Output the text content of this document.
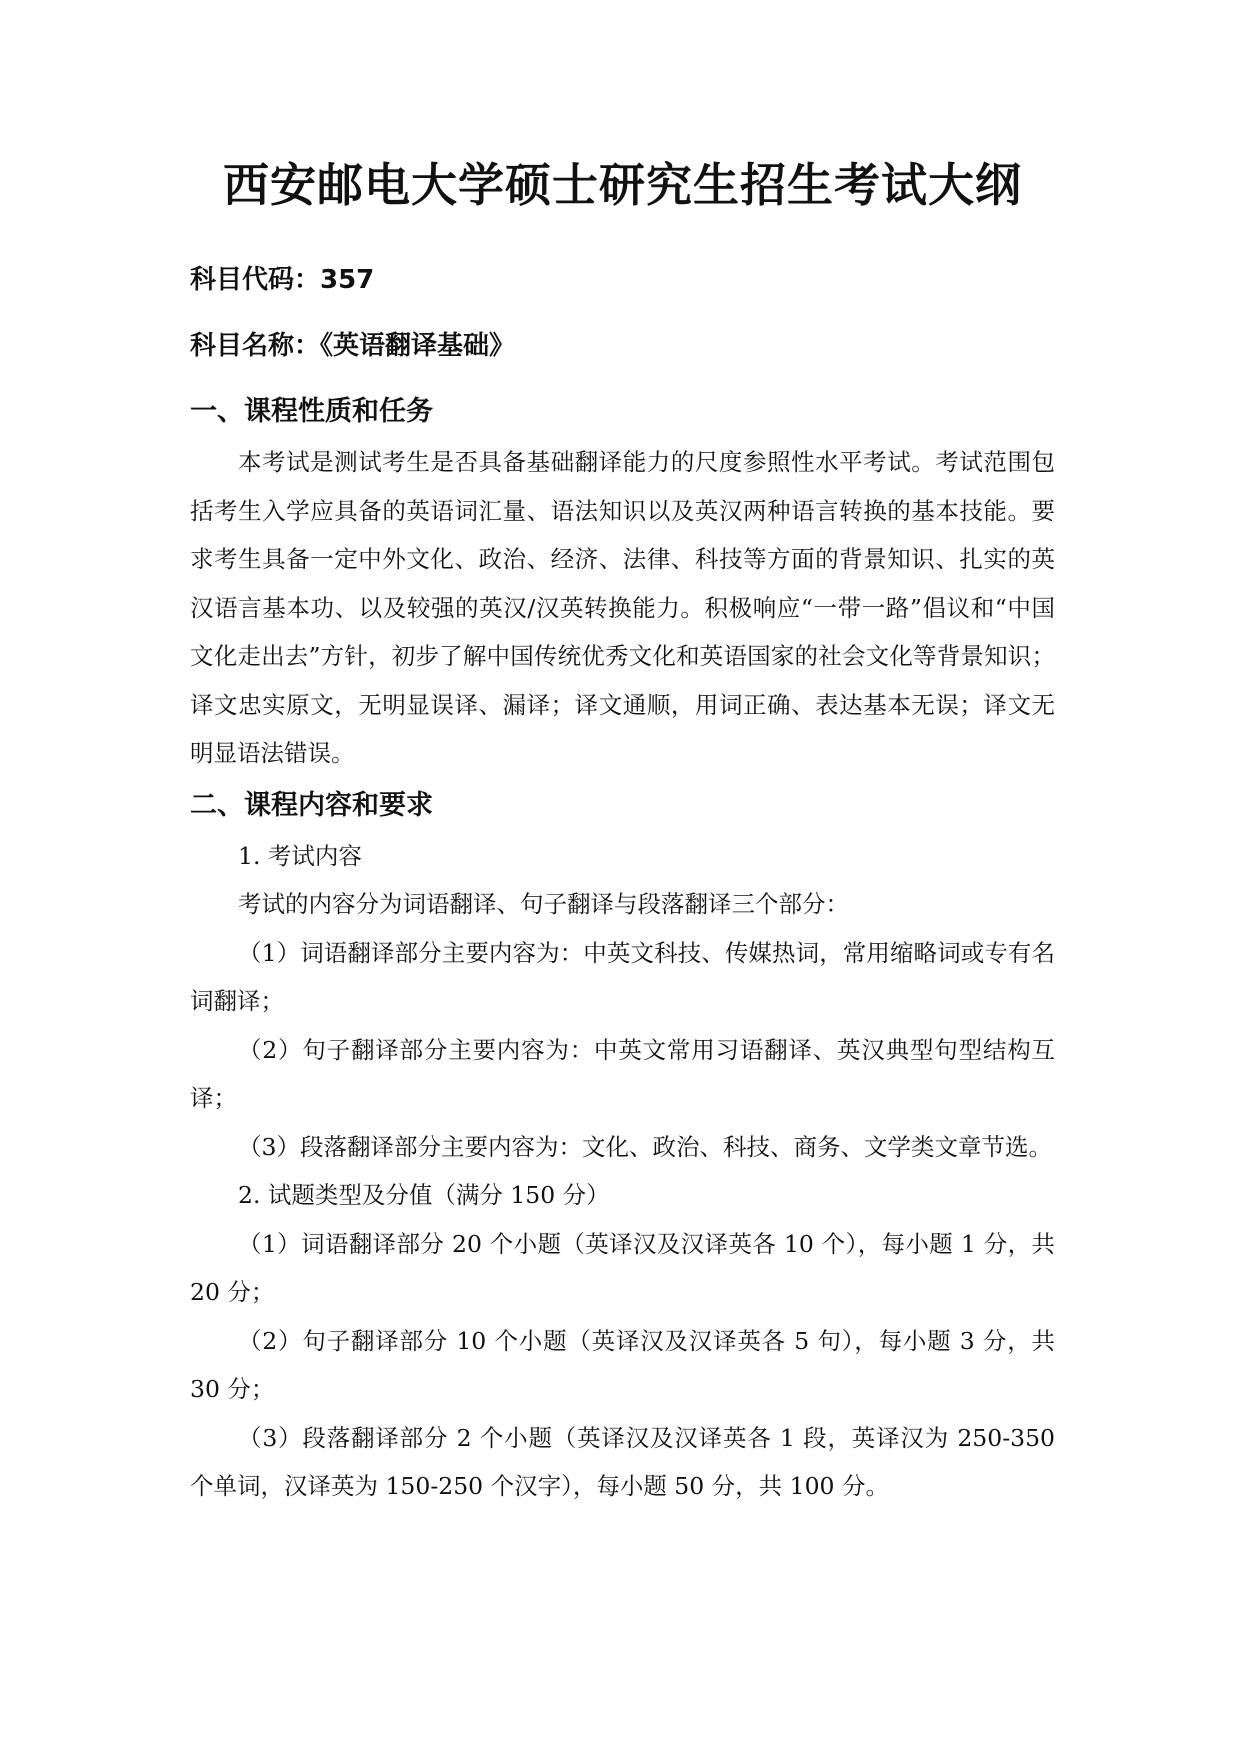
西安邮电大学硕士研究生招生考试大纲

科目代码：357

科目名称：《英语翻译基础》

一、课程性质和任务

本考试是测试考生是否具备基础翻译能力的尺度参照性水平考试。考试范围包括考生入学应具备的英语词汇量、语法知识以及英汉两种语言转换的基本技能。要求考生具备一定中外文化、政治、经济、法律、科技等方面的背景知识、扎实的英汉语言基本功、以及较强的英汉/汉英转换能力。积极响应“一带一路”倡议和“中国文化走出去”方针，初步了解中国传统优秀文化和英语国家的社会文化等背景知识；译文忠实原文，无明显误译、漏译；译文通顺，用词正确、表达基本无误；译文无明显语法错误。

二、课程内容和要求

1. 考试内容

考试的内容分为词语翻译、句子翻译与段落翻译三个部分：

（1）词语翻译部分主要内容为：中英文科技、传媒热词，常用缩略词或专有名词翻译；

（2）句子翻译部分主要内容为：中英文常用习语翻译、英汉典型句型结构互译；

（3）段落翻译部分主要内容为：文化、政治、科技、商务、文学类文章节选。

2. 试题类型及分值（满分 150 分）

（1）词语翻译部分 20 个小题（英译汉及汉译英各 10 个），每小题 1 分，共 20 分；

（2）句子翻译部分 10 个小题（英译汉及汉译英各 5 句），每小题 3 分，共 30 分；

（3）段落翻译部分 2 个小题（英译汉及汉译英各 1 段，英译汉为 250-350 个单词，汉译英为 150-250 个汉字），每小题 50 分，共 100 分。
